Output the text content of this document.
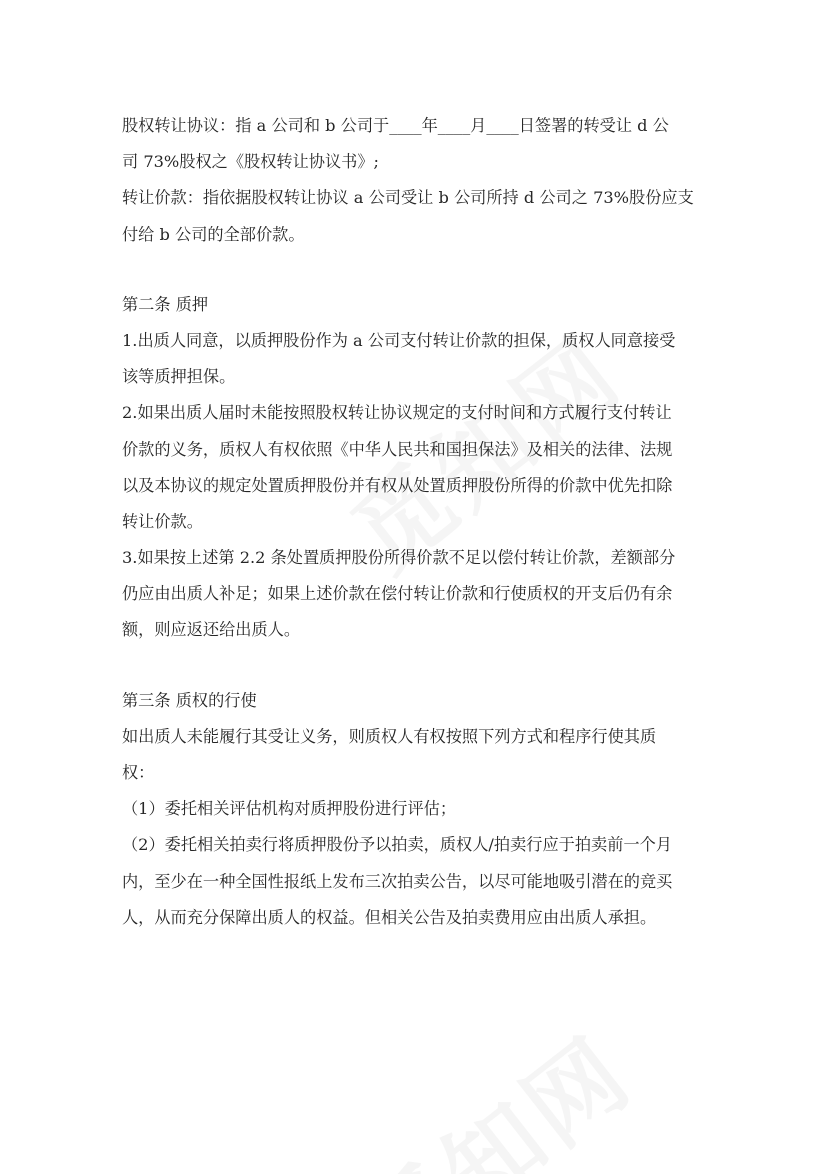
股权转让协议：指 a 公司和 b 公司于____年____月____日签署的转受让 d 公

司 73%股权之《股权转让协议书》;

转让价款：指依据股权转让协议 a 公司受让 b 公司所持 d 公司之 73%股份应支

付给 b 公司的全部价款。

第二条 质押

1.出质人同意，以质押股份作为 a 公司支付转让价款的担保，质权人同意接受

该等质押担保。

2.如果出质人届时未能按照股权转让协议规定的支付时间和方式履行支付转让

价款的义务，质权人有权依照《中华人民共和国担保法》及相关的法律、法规

以及本协议的规定处置质押股份并有权从处置质押股份所得的价款中优先扣除

转让价款。

3.如果按上述第 2.2 条处置质押股份所得价款不足以偿付转让价款，差额部分

仍应由出质人补足；如果上述价款在偿付转让价款和行使质权的开支后仍有余

额，则应返还给出质人。

第三条 质权的行使

如出质人未能履行其受让义务，则质权人有权按照下列方式和程序行使其质

权：

（1）委托相关评估机构对质押股份进行评估；

（2）委托相关拍卖行将质押股份予以拍卖，质权人/拍卖行应于拍卖前一个月

内，至少在一种全国性报纸上发布三次拍卖公告，以尽可能地吸引潜在的竞买

人，从而充分保障出质人的权益。但相关公告及拍卖费用应由出质人承担。
